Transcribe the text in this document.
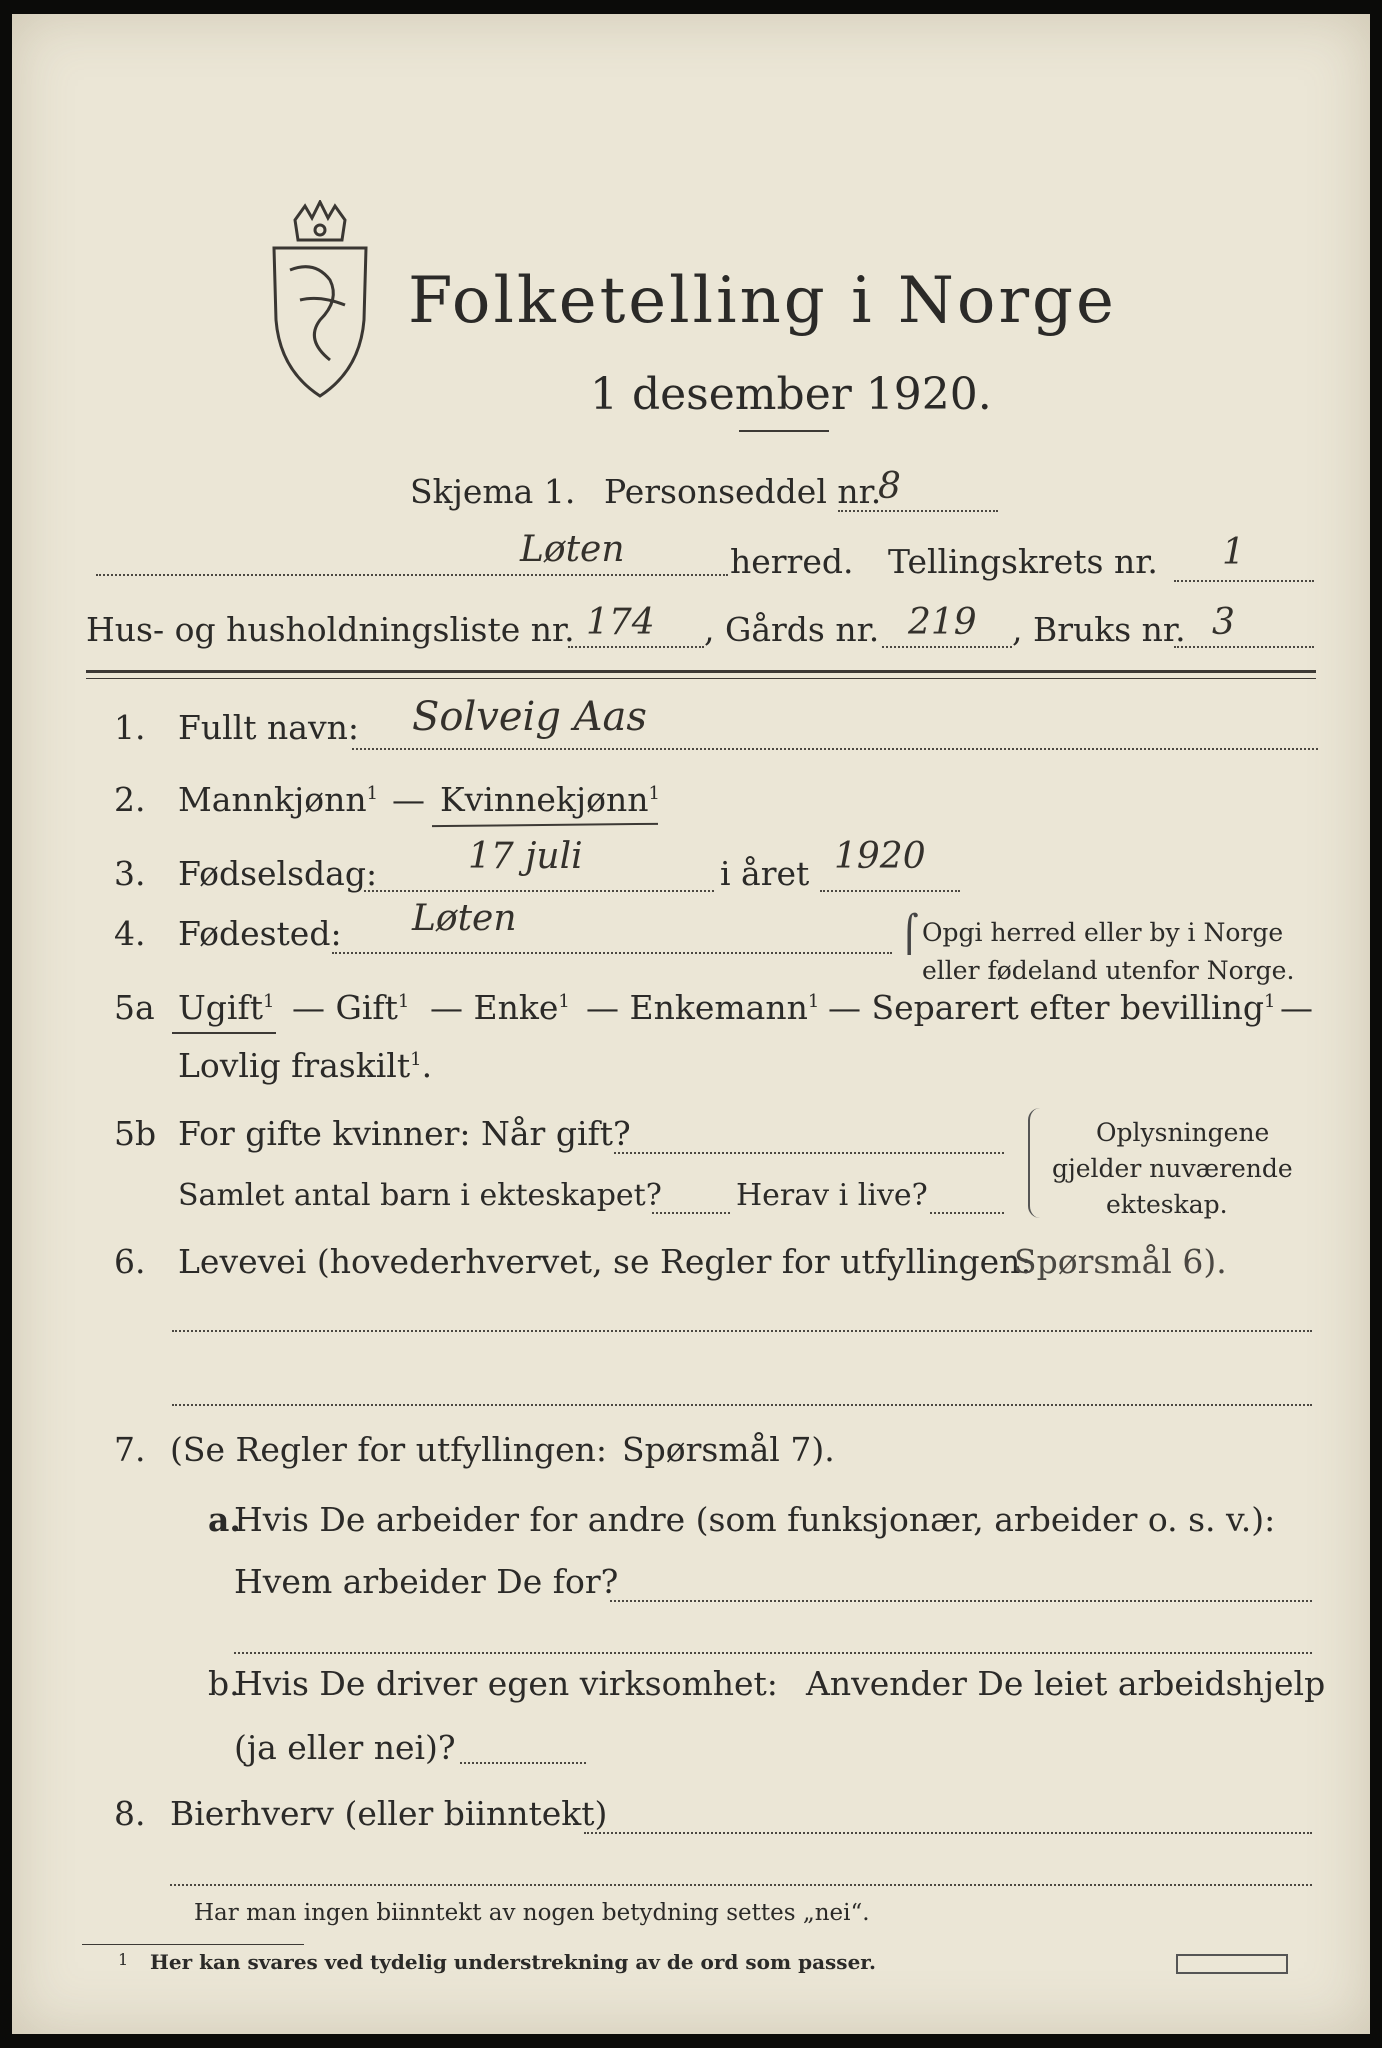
Folketelling i Norge
1 desember 1920.
Skjema 1. Personseddel nr.
8
Løten	herred. Tellingskrets nr. 1
Hus- og husholdningsliste nr. 174 , Gårds nr. 219 , Bruks nr. 3
1. Fullt navn: Solveig Aas
2. Mannkjønn$^1$ — Kvinnekjønn$^1$
3. Fødselsdag:	17 juli	i året 1920
4. Fødested: Løten	⌠ Opgi herred eller by i Norge
eller fødeland utenfor Norge.
5a Ugift$^1$ — Gift$^1$ — Enke$^1$ — Enkemann$^1$ — Separert efter bevilling$^1$ —
Lovlig fraskilt$^1$.
5b For gifte kvinner: Når gift?
Samlet antal barn i ekteskapet? Herav i live?
Oplysningene
gjelder nuværende
ekteskap.
6. Levevei (hovederhvervet, se Regler for utfyllingen:
Spørsmål 6).
7. (Se Regler for utfyllingen: Spørsmål 7).
a.
Hvis De arbeider for andre (som funksjonær, arbeider o. s. v.):
Hvem arbeider De for?
b.
Hvis De driver egen virksomhet: Anvender De leiet arbeidshjelp
(ja eller nei)?
8. Bierhverv (eller biinntekt)
Har man ingen biinntekt av nogen betydning settes „nei“.
1 Her kan svares ved tydelig understrekning av de ord som passer.
